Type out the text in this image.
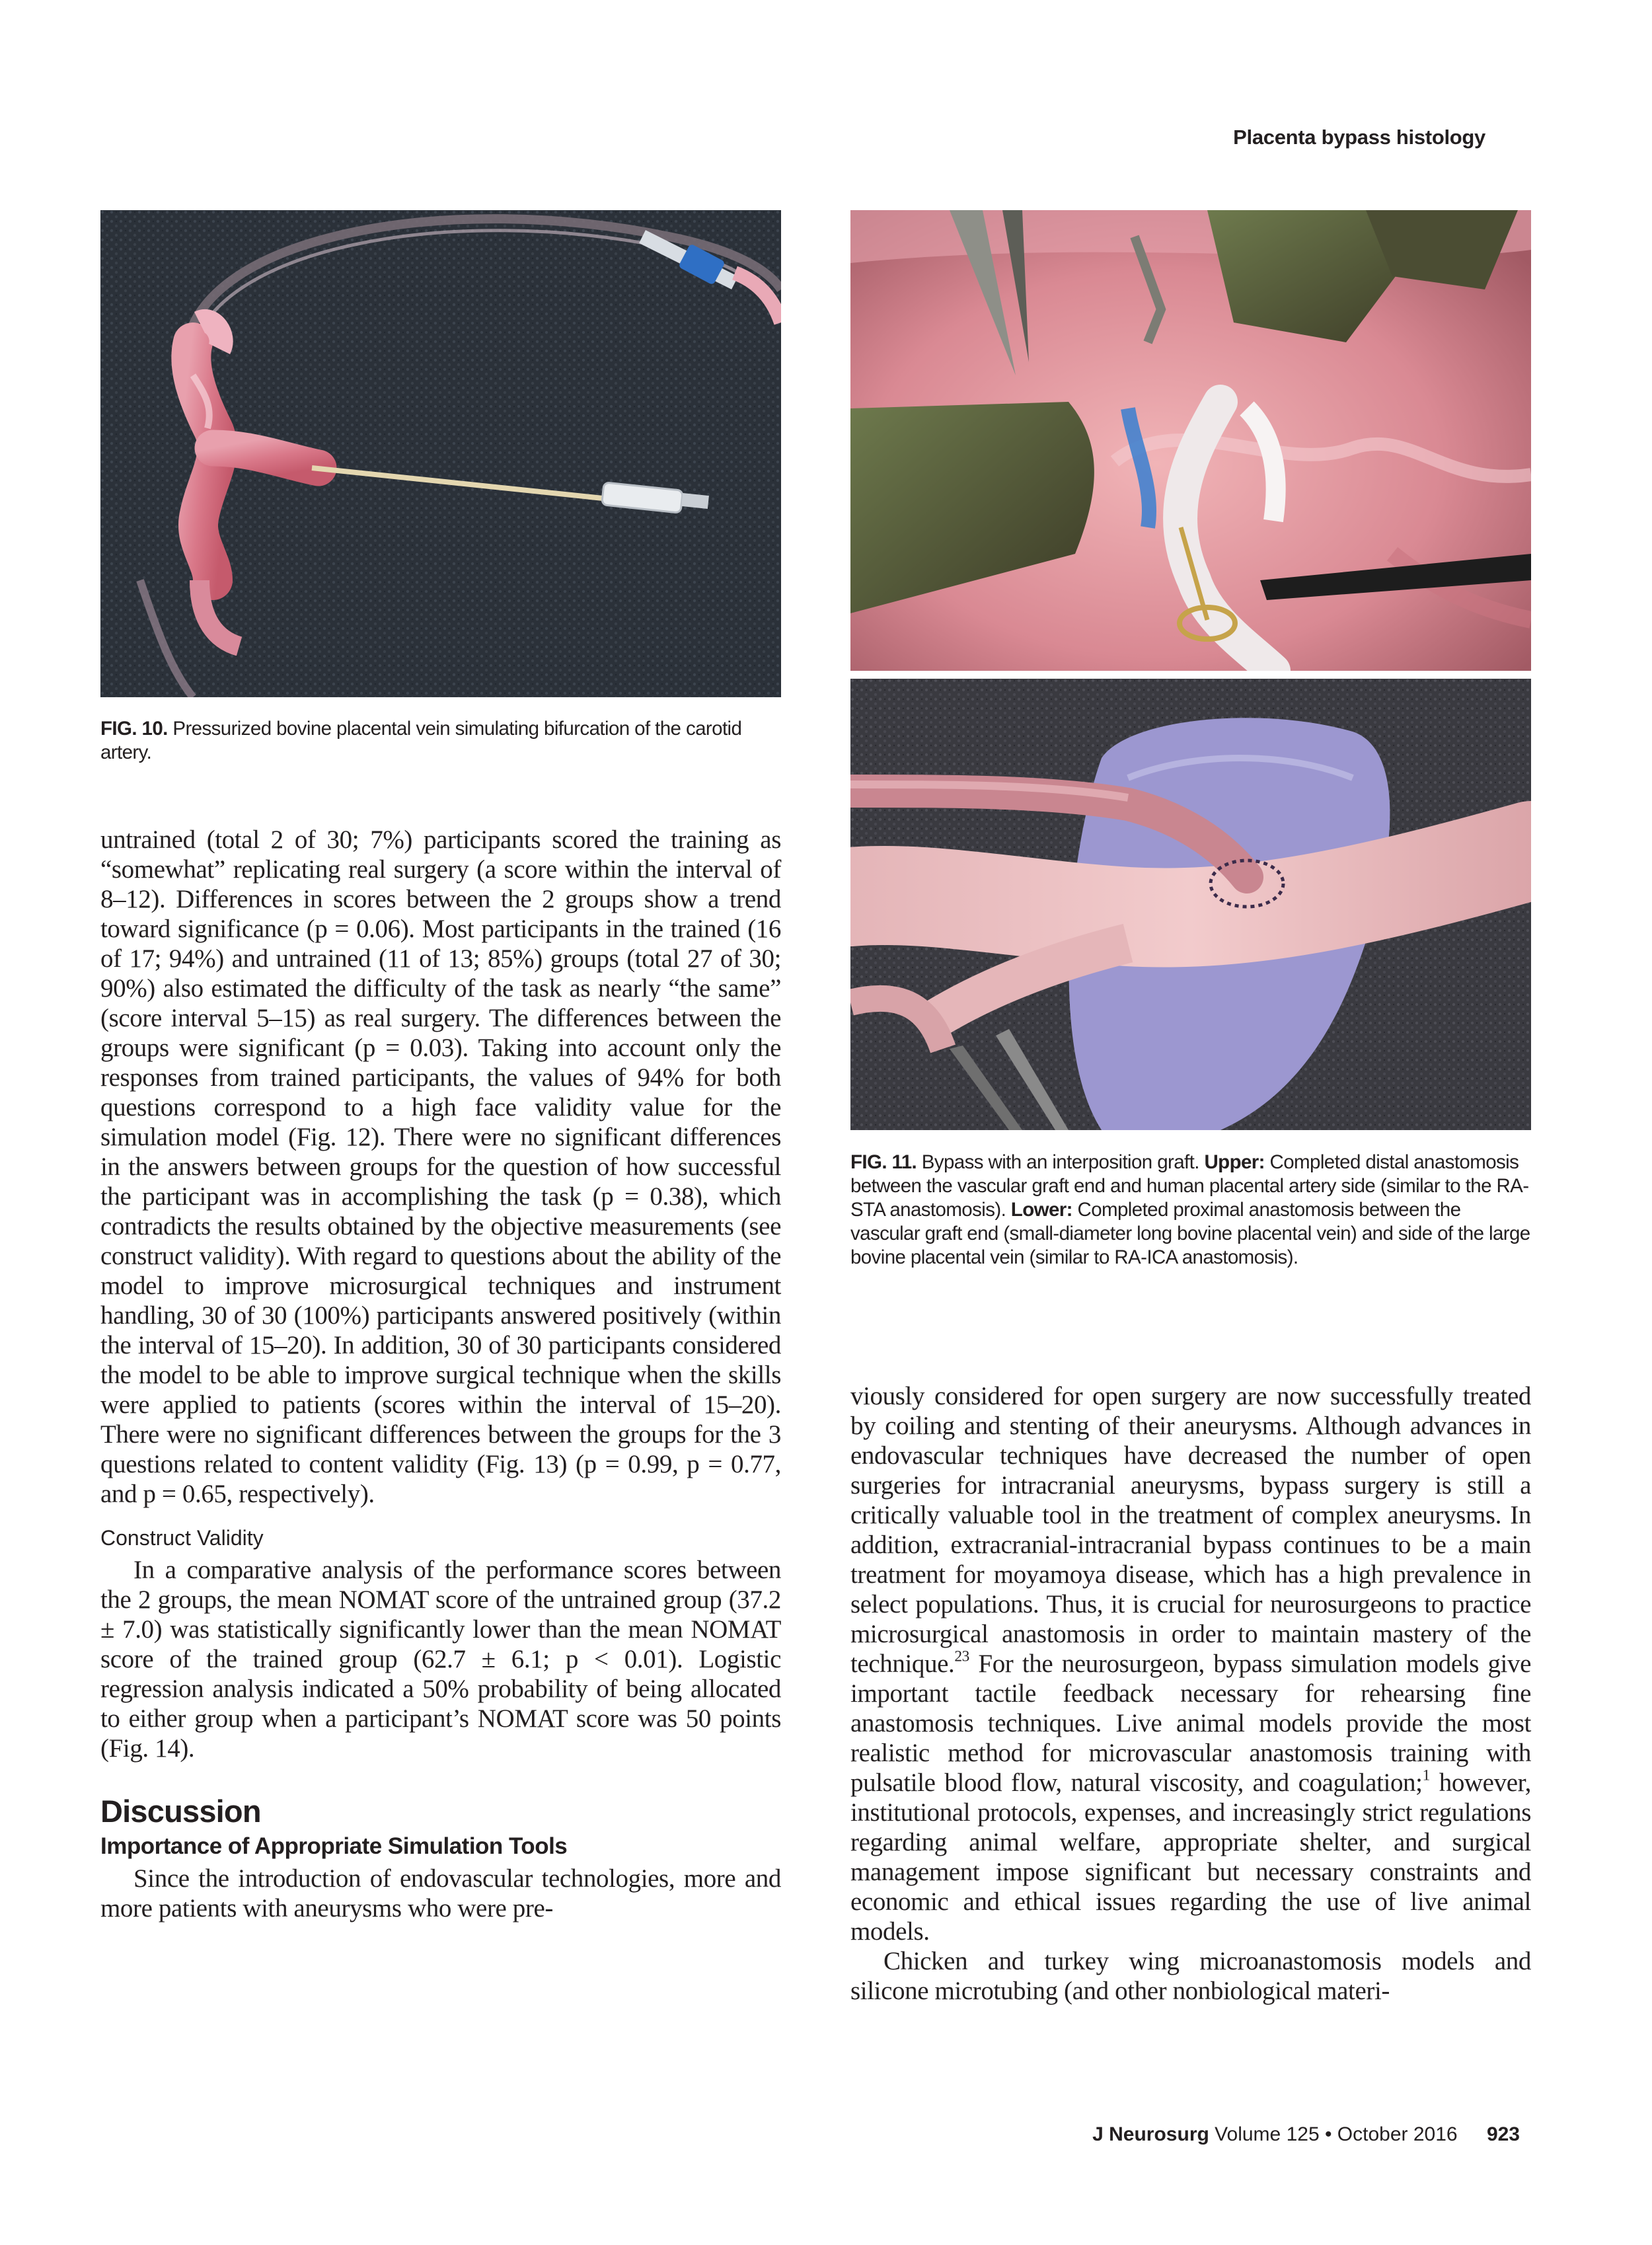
Placenta bypass histology
FIG. 10. Pressurized bovine placental vein simulating bifurcation of the carotid artery.
FIG. 11. Bypass with an interposition graft. Upper: Completed distal anastomosis between the vascular graft end and human placental artery side (similar to the RA-STA anastomosis). Lower: Completed proximal anastomosis between the vascular graft end (small-diameter long bovine placental vein) and side of the large bovine placental vein (similar to RA-ICA anastomosis).

untrained (total 2 of 30; 7%) participants scored the training as “somewhat” replicating real surgery (a score within the interval of 8–12). Differences in scores between the 2 groups show a trend toward significance (p = 0.06). Most participants in the trained (16 of 17; 94%) and untrained (11 of 13; 85%) groups (total 27 of 30; 90%) also estimated the difficulty of the task as nearly “the same” (score interval 5–15) as real surgery. The differences between the groups were significant (p = 0.03). Taking into account only the responses from trained participants, the values of 94% for both questions correspond to a high face validity value for the simulation model (Fig. 12). There were no significant differences in the answers between groups for the question of how successful the participant was in accomplishing the task (p = 0.38), which contradicts the results obtained by the objective measurements (see construct validity). With regard to questions about the ability of the model to improve microsurgical techniques and instrument handling, 30 of 30 (100%) participants answered positively (within the interval of 15–20). In addition, 30 of 30 participants considered the model to be able to improve surgical technique when the skills were applied to patients (scores within the interval of 15–20). There were no significant differences between the groups for the 3 questions related to content validity (Fig. 13) (p = 0.99, p = 0.77, and p = 0.65, respectively).

Construct Validity

In a comparative analysis of the performance scores between the 2 groups, the mean NOMAT score of the untrained group (37.2 ± 7.0) was statistically significantly lower than the mean NOMAT score of the trained group (62.7 ± 6.1; p < 0.01). Logistic regression analysis indicated a 50% probability of being allocated to either group when a participant’s NOMAT score was 50 points (Fig. 14).

Discussion
Importance of Appropriate Simulation Tools

Since the introduction of endovascular technologies, more and more patients with aneurysms who were pre-

viously considered for open surgery are now successfully treated by coiling and stenting of their aneurysms. Although advances in endovascular techniques have decreased the number of open surgeries for intracranial aneurysms, bypass surgery is still a critically valuable tool in the treatment of complex aneurysms. In addition, extracranial-intracranial bypass continues to be a main treatment for moyamoya disease, which has a high prevalence in select populations. Thus, it is crucial for neurosurgeons to practice microsurgical anastomosis in order to maintain mastery of the technique.$^{23}$ For the neurosurgeon, bypass simulation models give important tactile feedback necessary for rehearsing fine anastomosis techniques. Live animal models provide the most realistic method for microvascular anastomosis training with pulsatile blood flow, natural viscosity, and coagulation;$^1$ however, institutional protocols, expenses, and increasingly strict regulations regarding animal welfare, appropriate shelter, and surgical management impose significant but necessary constraints and economic and ethical issues regarding the use of live animal models.

Chicken and turkey wing microanastomosis models and silicone microtubing (and other nonbiological materi-

J Neurosurg Volume 125 • October 2016 923
